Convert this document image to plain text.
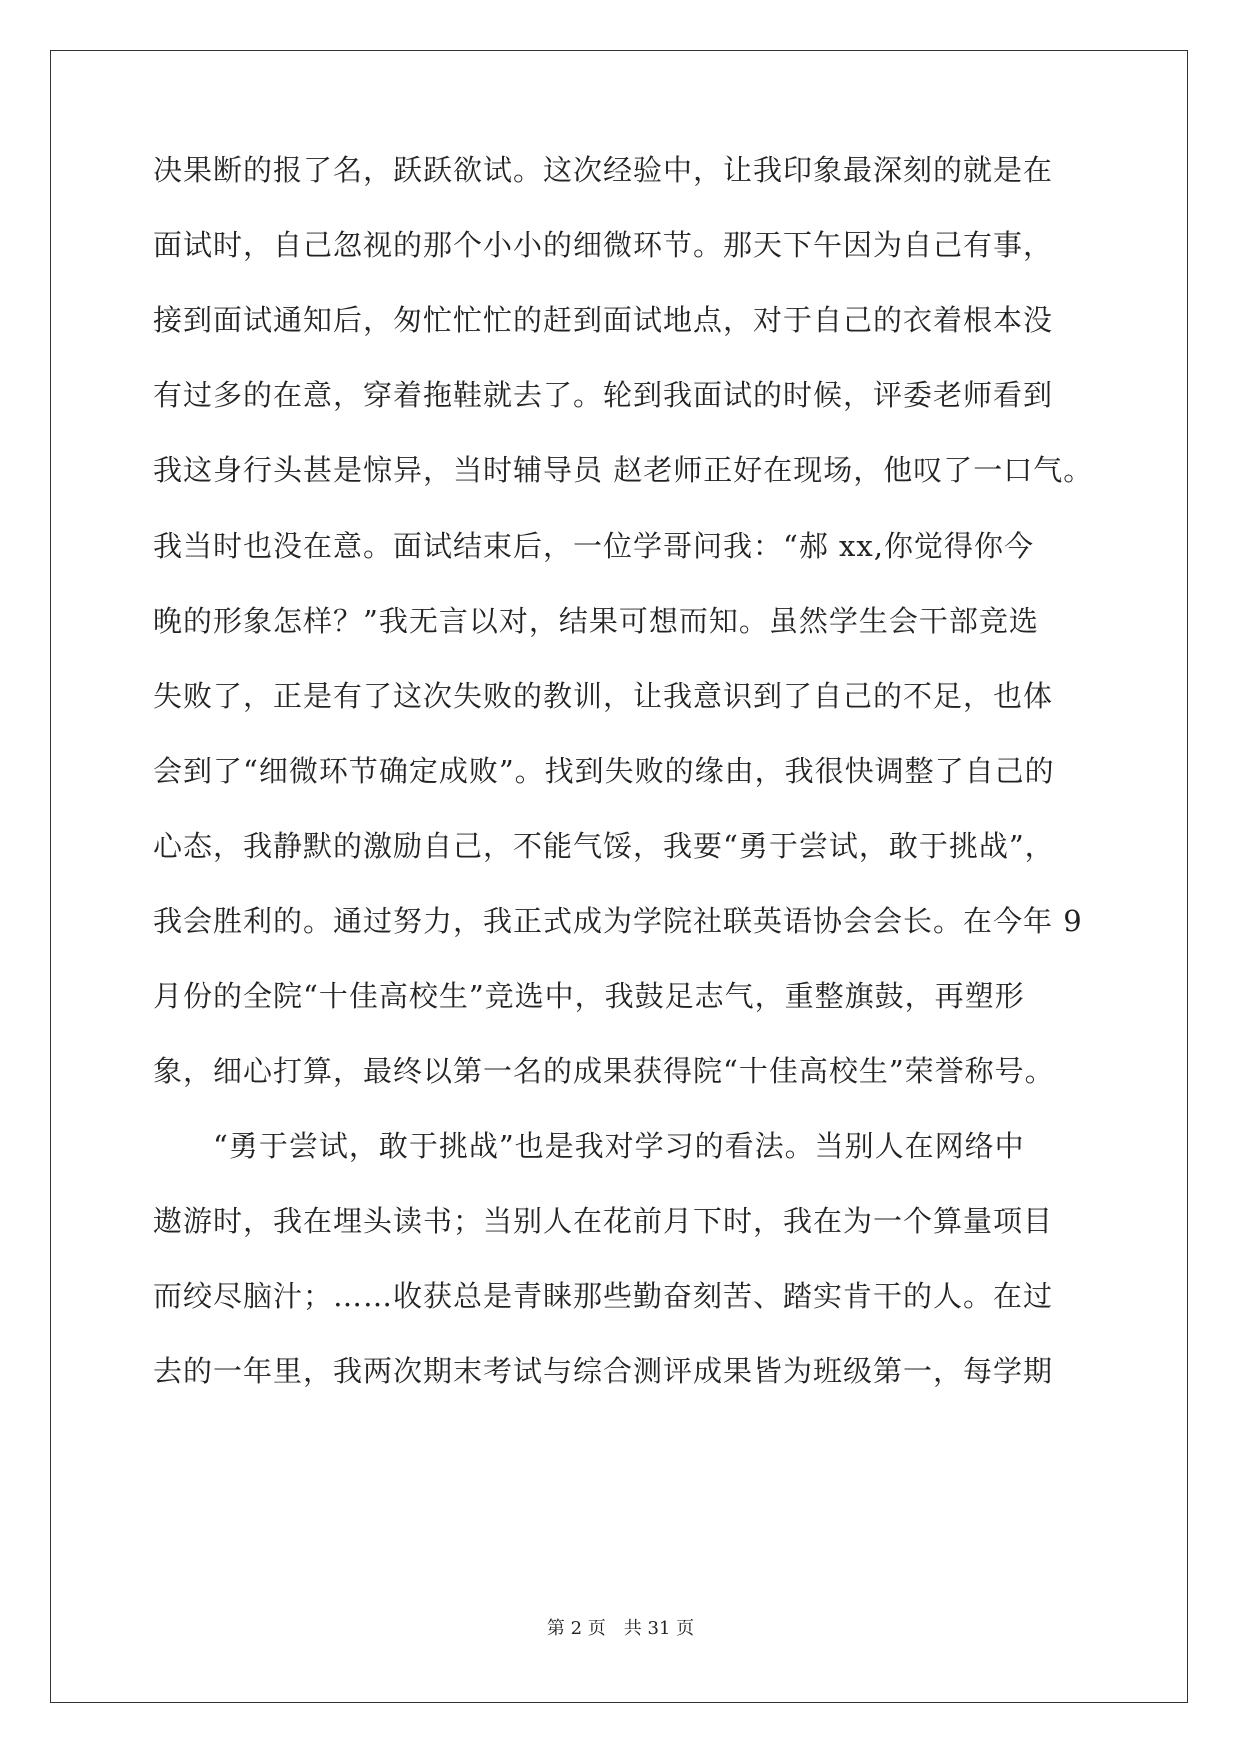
决果断的报了名，跃跃欲试。这次经验中，让我印象最深刻的就是在
面试时，自己忽视的那个小小的细微环节。那天下午因为自己有事，
接到面试通知后，匆忙忙忙的赶到面试地点，对于自己的衣着根本没
有过多的在意，穿着拖鞋就去了。轮到我面试的时候，评委老师看到
我这身行头甚是惊异，当时辅导员 赵老师正好在现场，他叹了一口气。
我当时也没在意。面试结束后，一位学哥问我：“郝 xx,你觉得你今
晚的形象怎样？”我无言以对，结果可想而知。虽然学生会干部竞选
失败了，正是有了这次失败的教训，让我意识到了自己的不足，也体
会到了“细微环节确定成败”。找到失败的缘由，我很快调整了自己的
心态，我静默的激励自己，不能气馁，我要“勇于尝试，敢于挑战”，
我会胜利的。通过努力，我正式成为学院社联英语协会会长。在今年 9
月份的全院“十佳高校生”竞选中，我鼓足志气，重整旗鼓，再塑形
象，细心打算，最终以第一名的成果获得院“十佳高校生”荣誉称号。
　　“勇于尝试，敢于挑战”也是我对学习的看法。当别人在网络中
遨游时，我在埋头读书；当别人在花前月下时，我在为一个算量项目
而绞尽脑汁；……收获总是青睐那些勤奋刻苦、踏实肯干的人。在过
去的一年里，我两次期末考试与综合测评成果皆为班级第一，每学期
第 2 页　共 31 页
